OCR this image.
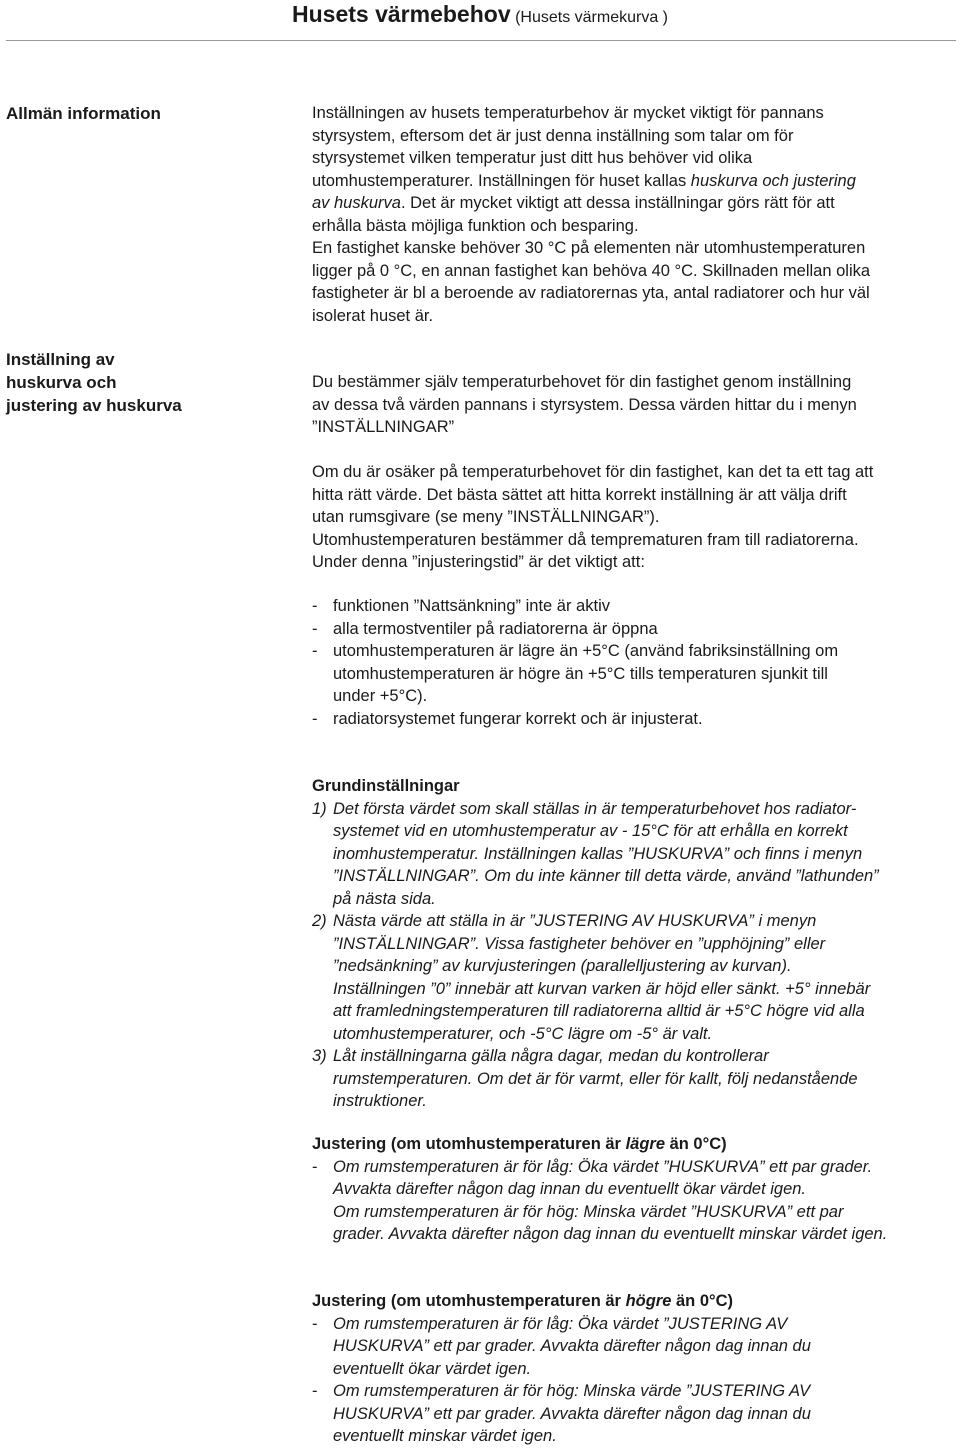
Husets värmebehov (Husets värmekurva )
Allmän information
Inställning av
huskurva och
justering av huskurva

Inställningen av husets temperaturbehov är mycket viktigt för pannans

styrsystem, eftersom det är just denna inställning som talar om för

styrsystemet vilken temperatur just ditt hus behöver vid olika

utomhustemperaturer. Inställningen för huset kallas huskurva och justering

av huskurva. Det är mycket viktigt att dessa inställningar görs rätt för att

erhålla bästa möjliga funktion och besparing.

En fastighet kanske behöver 30 °C på elementen när utomhustemperaturen

ligger på 0 °C, en annan fastighet kan behöva 40 °C. Skillnaden mellan olika

fastigheter är bl a beroende av radiatorernas yta, antal radiatorer och hur väl

isolerat huset är.

Du bestämmer själv temperaturbehovet för din fastighet genom inställning

av dessa två värden pannans i styrsystem. Dessa värden hittar du i menyn

”INSTÄLLNINGAR”

Om du är osäker på temperaturbehovet för din fastighet, kan det ta ett tag att

hitta rätt värde. Det bästa sättet att hitta korrekt inställning är att välja drift

utan rumsgivare (se meny ”INSTÄLLNINGAR”).

Utomhustemperaturen bestämmer då temprematuren fram till radiatorerna.

Under denna ”injusteringstid” är det viktigt att:

- funktionen ”Nattsänkning” inte är aktiv
- alla termostventiler på radiatorerna är öppna
- utomhustemperaturen är lägre än +5°C (använd fabriksinställning om
utomhustemperaturen är högre än +5°C tills temperaturen sjunkit till
under +5°C).
- radiatorsystemet fungerar korrekt och är injusterat.

Grundinställningar

1) Det första värdet som skall ställas in är temperaturbehovet hos radiator-
systemet vid en utomhustemperatur av - 15°C för att erhålla en korrekt
inomhustemperatur. Inställningen kallas ”HUSKURVA” och finns i menyn
”INSTÄLLNINGAR”. Om du inte känner till detta värde, använd ”lathunden”
på nästa sida.
2) Nästa värde att ställa in är ”JUSTERING AV HUSKURVA” i menyn
”INSTÄLLNINGAR”. Vissa fastigheter behöver en ”upphöjning” eller
”nedsänkning” av kurvjusteringen (parallelljustering av kurvan).
Inställningen ”0” innebär att kurvan varken är höjd eller sänkt. +5° innebär
att framledningstemperaturen till radiatorerna alltid är +5°C högre vid alla
utomhustemperaturer, och -5°C lägre om -5° är valt.
3) Låt inställningarna gälla några dagar, medan du kontrollerar
rumstemperaturen. Om det är för varmt, eller för kallt, följ nedanstående
instruktioner.

Justering (om utomhustemperaturen är lägre än 0°C)

- Om rumstemperaturen är för låg: Öka värdet ”HUSKURVA” ett par grader.
Avvakta därefter någon dag innan du eventuellt ökar värdet igen.
Om rumstemperaturen är för hög: Minska värdet ”HUSKURVA” ett par
grader. Avvakta därefter någon dag innan du eventuellt minskar värdet igen.

Justering (om utomhustemperaturen är högre än 0°C)

- Om rumstemperaturen är för låg: Öka värdet ”JUSTERING AV
HUSKURVA” ett par grader. Avvakta därefter någon dag innan du
eventuellt ökar värdet igen.
- Om rumstemperaturen är för hög: Minska värde ”JUSTERING AV
HUSKURVA” ett par grader. Avvakta därefter någon dag innan du
eventuellt minskar värdet igen.
